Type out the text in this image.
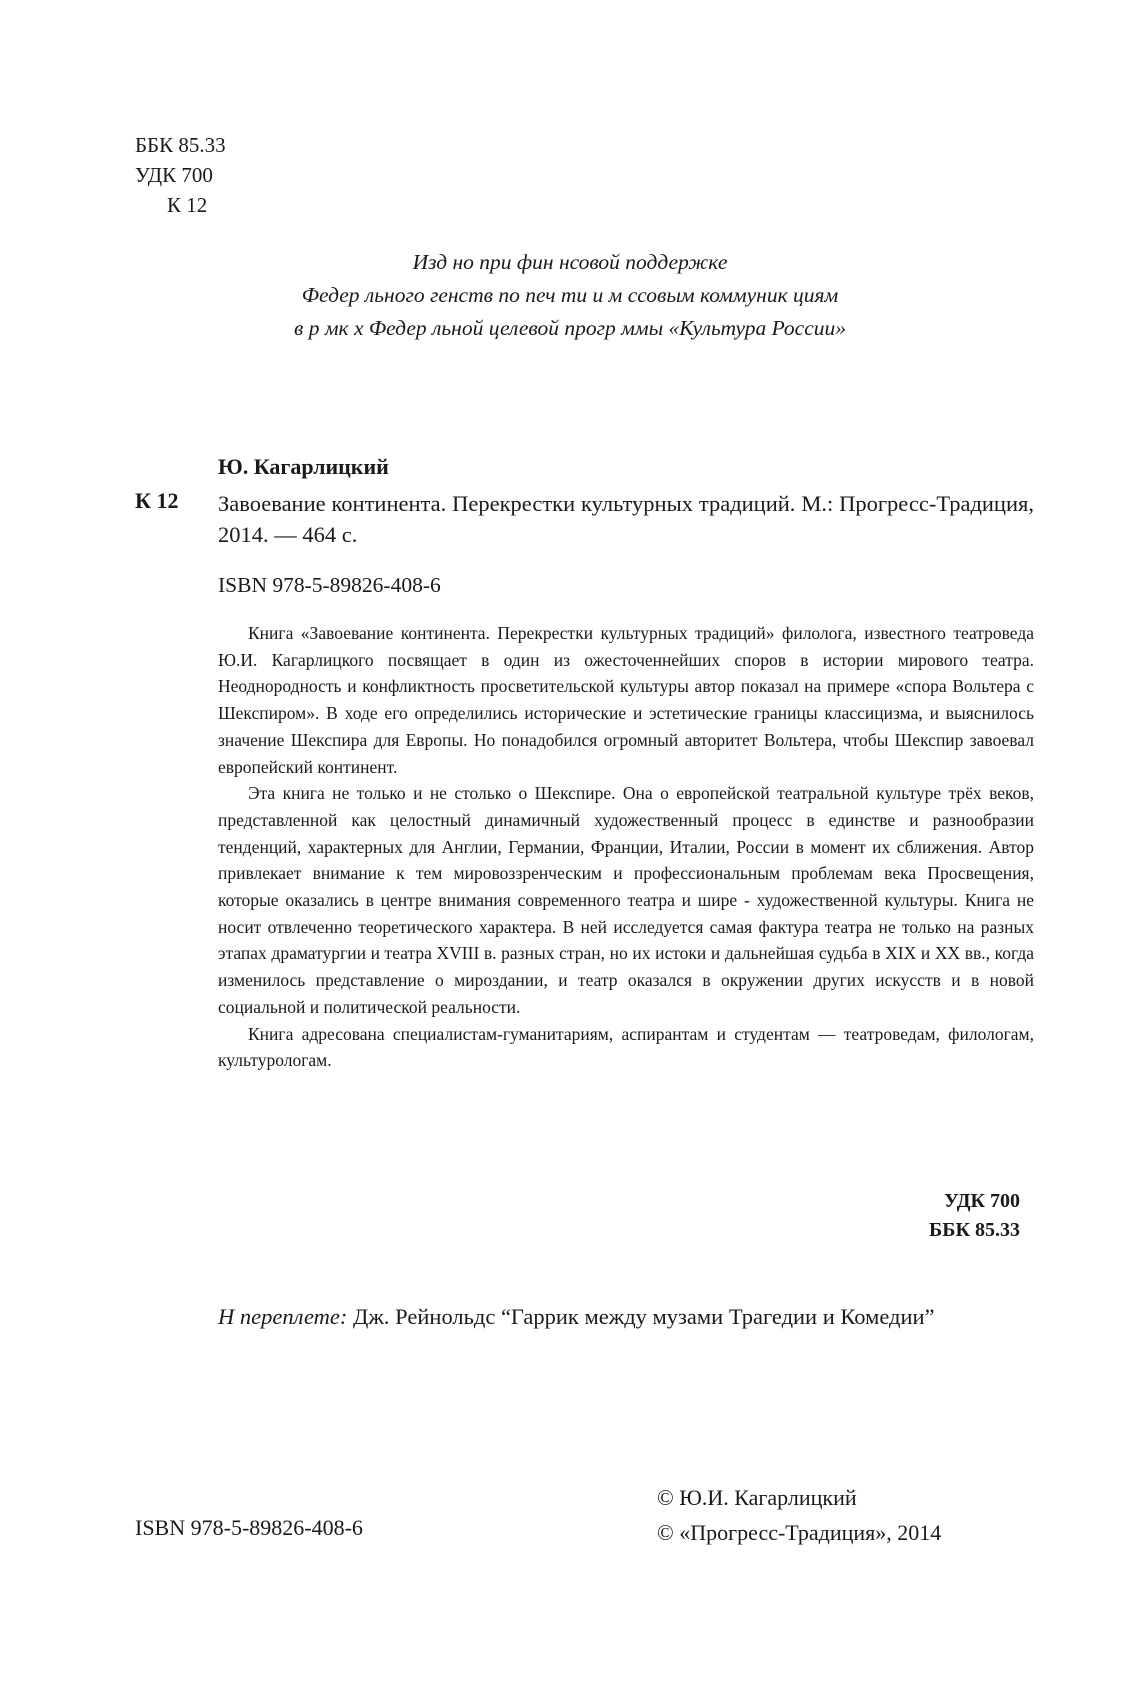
ББК 85.33
УДК 700
К 12
Изд но при фин нсовой поддержке
Федер льного генств по печ ти и м ссовым коммуник циям
в р мк х Федер льной целевой прогр ммы «Культура России»
Ю. Кагарлицкий
К 12 Завоевание континента. Перекрестки культурных традиций. М.: Прогресс-Традиция, 2014. — 464 с.
ISBN 978-5-89826-408-6

Книга «Завоевание континента. Перекрестки культурных традиций» филолога, известного театроведа Ю.И. Кагарлицкого посвящает в один из ожесточеннейших споров в истории мирового театра. Неоднородность и конфликтность просветительской культуры автор показал на примере «спора Вольтера с Шекспиром». В ходе его определились исторические и эстетические границы классицизма, и выяснилось значение Шекспира для Европы. Но понадобился огромный авторитет Вольтера, чтобы Шекспир завоевал европейский континент.

Эта книга не только и не столько о Шекспире. Она о европейской театральной культуре трёх веков, представленной как целостный динамичный художественный процесс в единстве и разнообразии тенденций, характерных для Англии, Германии, Франции, Италии, России в момент их сближения. Автор привлекает внимание к тем мировоззренческим и профессиональным проблемам века Просвещения, которые оказались в центре внимания современного театра и шире - художественной культуры. Книга не носит отвлеченно теоретического характера. В ней исследуется самая фактура театра не только на разных этапах драматургии и театра XVIII в. разных стран, но их истоки и дальнейшая судьба в XIX и XX вв., когда изменилось представление о мироздании, и театр оказался в окружении других искусств и в новой социальной и политической реальности.

Книга адресована специалистам-гуманитариям, аспирантам и студентам — театроведам, филологам, культурологам.

УДК 700
ББК 85.33
Н переплете: Дж. Рейнольдс “Гаррик между музами Трагедии и Комедии”
ISBN 978-5-89826-408-6
© Ю.И. Кагарлицкий
© «Прогресс-Традиция», 2014
